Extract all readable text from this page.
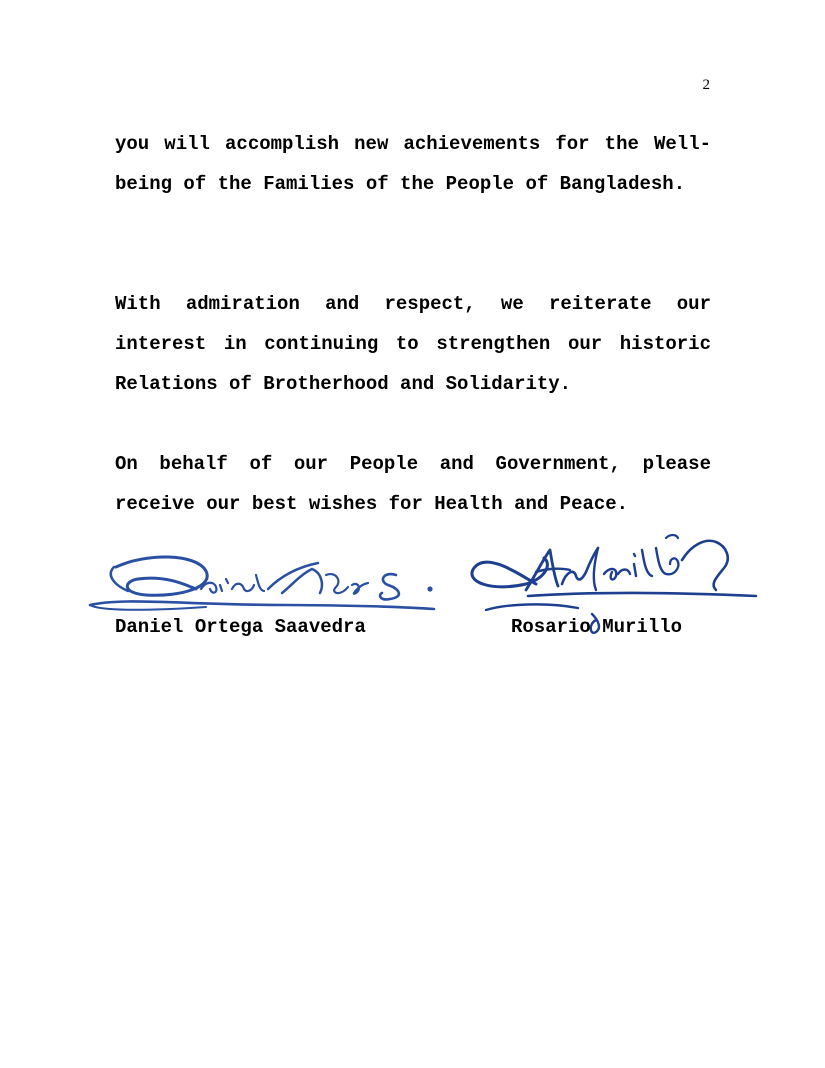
2

you will accomplish new achievements for the Well-being of the Families of the People of Bangladesh.

With admiration and respect, we reiterate our interest in continuing to strengthen our historic Relations of Brotherhood and Solidarity.

On behalf of our People and Government, please receive our best wishes for Health and Peace.

Daniel Ortega Saavedra	Rosario Murillo
